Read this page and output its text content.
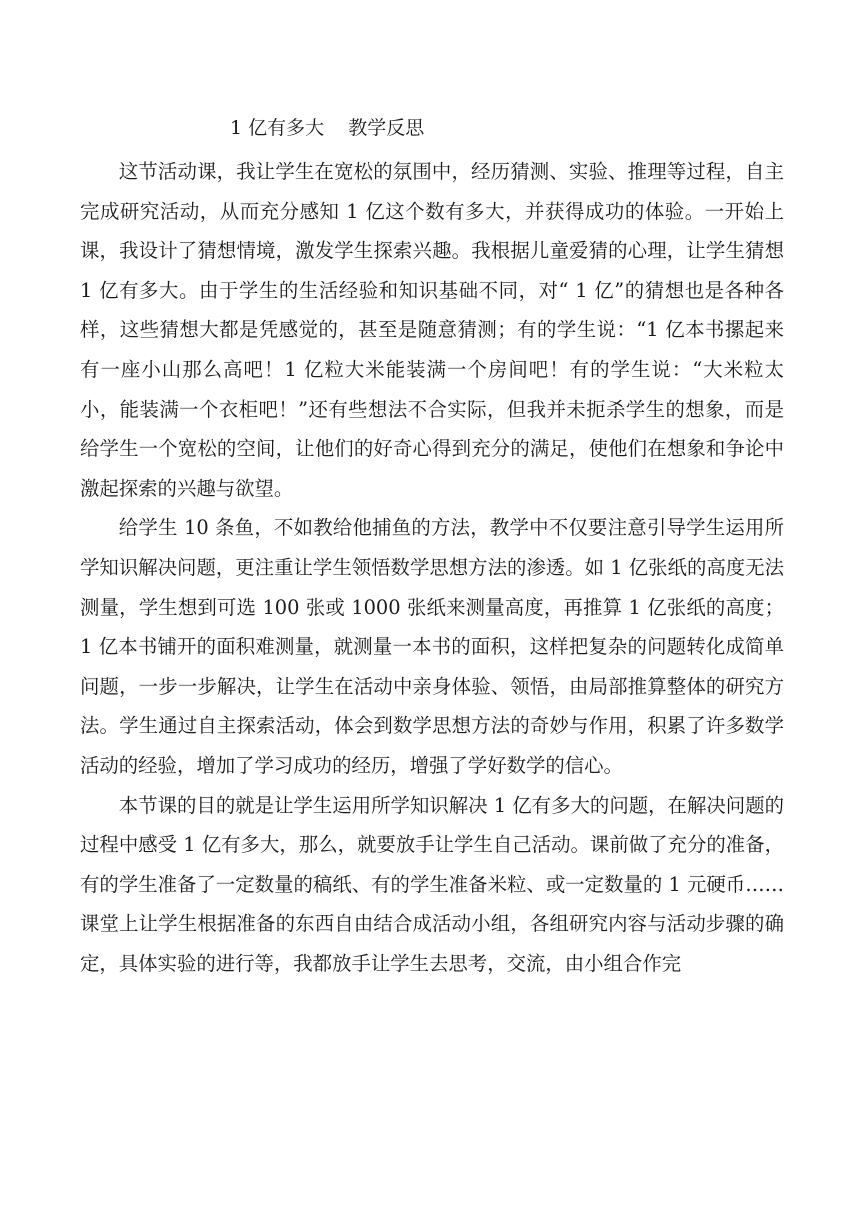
1 亿有多大    教学反思

这节活动课，我让学生在宽松的氛围中，经历猜测、实验、推理等过程，自主完成研究活动，从而充分感知 1 亿这个数有多大，并获得成功的体验。一开始上课，我设计了猜想情境，激发学生探索兴趣。我根据儿童爱猜的心理，让学生猜想 1 亿有多大。由于学生的生活经验和知识基础不同，对“ 1 亿”的猜想也是各种各样，这些猜想大都是凭感觉的，甚至是随意猜测；有的学生说：“1 亿本书摞起来有一座小山那么高吧！1 亿粒大米能装满一个房间吧！有的学生说：“大米粒太小，能装满一个衣柜吧！”还有些想法不合实际，但我并未扼杀学生的想象，而是给学生一个宽松的空间，让他们的好奇心得到充分的满足，使他们在想象和争论中激起探索的兴趣与欲望。

给学生 10 条鱼，不如教给他捕鱼的方法，教学中不仅要注意引导学生运用所学知识解决问题，更注重让学生领悟数学思想方法的渗透。如 1 亿张纸的高度无法测量，学生想到可选 100 张或 1000 张纸来测量高度，再推算 1 亿张纸的高度；1 亿本书铺开的面积难测量，就测量一本书的面积，这样把复杂的问题转化成简单问题，一步一步解决，让学生在活动中亲身体验、领悟，由局部推算整体的研究方法。学生通过自主探索活动，体会到数学思想方法的奇妙与作用，积累了许多数学活动的经验，增加了学习成功的经历，增强了学好数学的信心。

本节课的目的就是让学生运用所学知识解决 1 亿有多大的问题，在解决问题的过程中感受 1 亿有多大，那么，就要放手让学生自己活动。课前做了充分的准备，有的学生准备了一定数量的稿纸、有的学生准备米粒、或一定数量的 1 元硬币……课堂上让学生根据准备的东西自由结合成活动小组，各组研究内容与活动步骤的确定，具体实验的进行等，我都放手让学生去思考，交流，由小组合作完
